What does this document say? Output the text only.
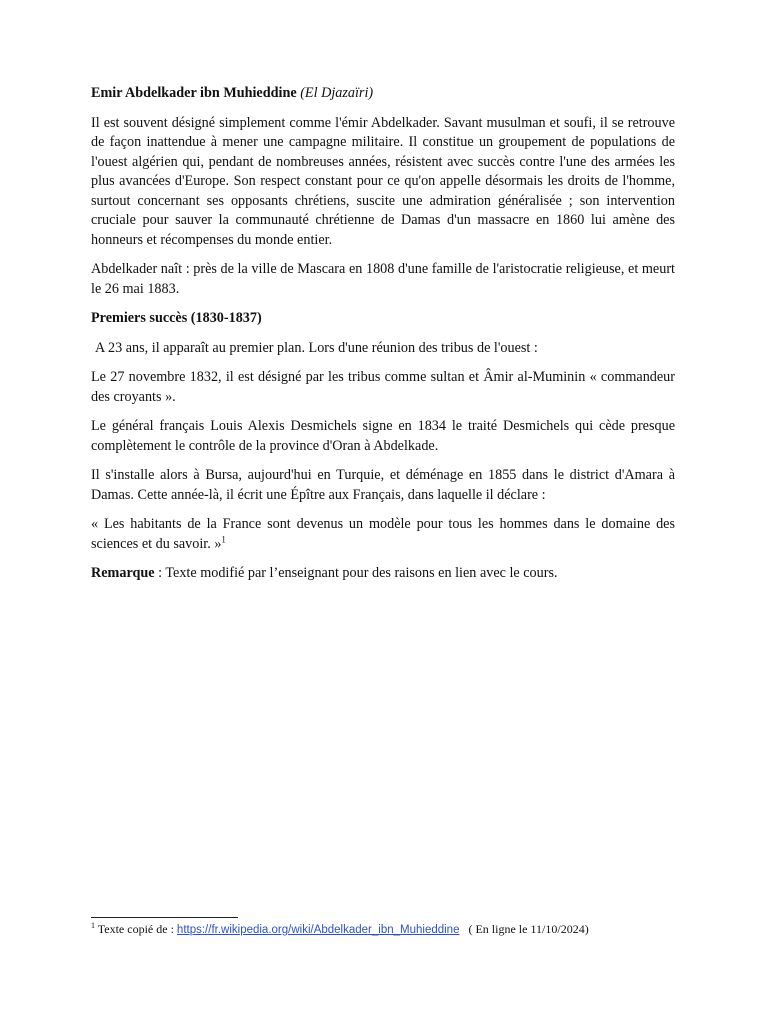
Emir Abdelkader ibn Muhieddine (El Djazaïri)

Il est souvent désigné simplement comme l'émir Abdelkader. Savant musulman et soufi, il se retrouve de façon inattendue à mener une campagne militaire. Il constitue un groupement de populations de l'ouest algérien qui, pendant de nombreuses années, résistent avec succès contre l'une des armées les plus avancées d'Europe. Son respect constant pour ce qu'on appelle désormais les droits de l'homme, surtout concernant ses opposants chrétiens, suscite une admiration généralisée ; son intervention cruciale pour sauver la communauté chrétienne de Damas d'un massacre en 1860 lui amène des honneurs et récompenses du monde entier.

Abdelkader naît : près de la ville de Mascara en 1808 d'une famille de l'aristocratie religieuse, et meurt le 26 mai 1883.

Premiers succès (1830-1837)

A 23 ans, il apparaît au premier plan. Lors d'une réunion des tribus de l'ouest :

Le 27 novembre 1832, il est désigné par les tribus comme sultan et Âmir al-Muminin « commandeur des croyants ».

Le général français Louis Alexis Desmichels signe en 1834 le traité Desmichels qui cède presque complètement le contrôle de la province d'Oran à Abdelkade.

Il s'installe alors à Bursa, aujourd'hui en Turquie, et déménage en 1855 dans le district d'Amara à Damas. Cette année-là, il écrit une Épître aux Français, dans laquelle il déclare :

« Les habitants de la France sont devenus un modèle pour tous les hommes dans le domaine des sciences et du savoir. »$^1$

Remarque : Texte modifié par l’enseignant pour des raisons en lien avec le cours.

$^1$ Texte copié de : https://fr.wikipedia.org/wiki/Abdelkader_ibn_Muhieddine ( En ligne le 11/10/2024)
